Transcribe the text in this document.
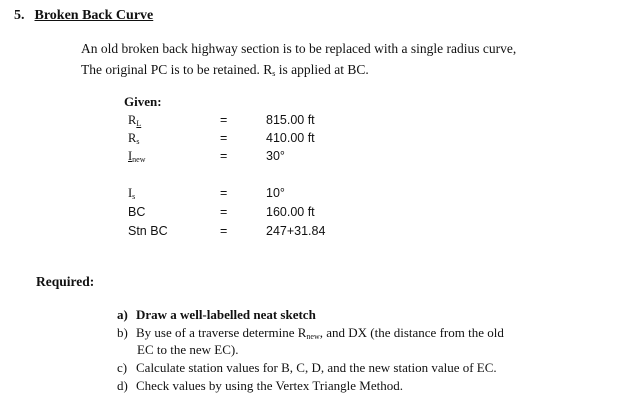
5. Broken Back Curve
An old broken back highway section is to be replaced with a single radius curve,
The original PC is to be retained. $R_s$ is applied at BC.
Given:
$R_L$	=	815.00 ft
$R_s$	=	410.00 ft
$I_{new}$	=	30°
$I_s$	=	10°
BC	=	160.00 ft
Stn BC	=	247+31.84
Required:
a) Draw a well-labelled neat sketch
b) By use of a traverse determine $R_{new}$, and DX (the distance from the old
EC to the new EC).
c) Calculate station values for B, C, D, and the new station value of EC.
d) Check values by using the Vertex Triangle Method.
